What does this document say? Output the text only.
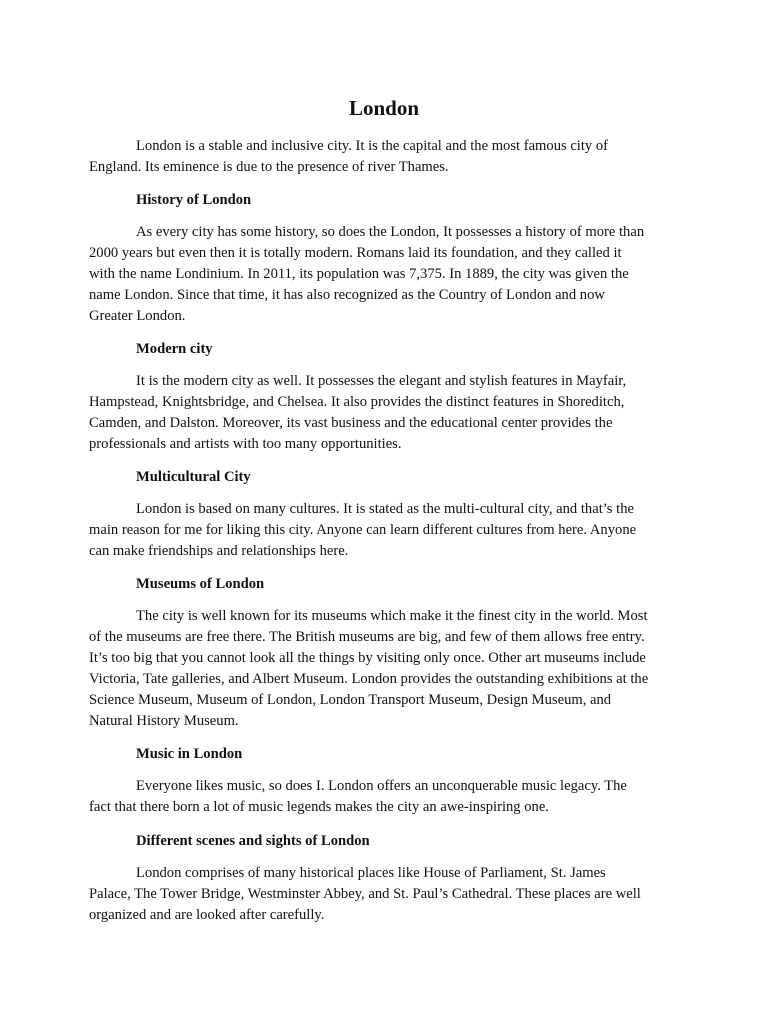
London

London is a stable and inclusive city. It is the capital and the most famous city of England. Its eminence is due to the presence of river Thames.

History of London

As every city has some history, so does the London, It possesses a history of more than 2000 years but even then it is totally modern. Romans laid its foundation, and they called it with the name Londinium. In 2011, its population was 7,375. In 1889, the city was given the name London. Since that time, it has also recognized as the Country of London and now Greater London.

Modern city

It is the modern city as well. It possesses the elegant and stylish features in Mayfair, Hampstead, Knightsbridge, and Chelsea. It also provides the distinct features in Shoreditch, Camden, and Dalston. Moreover, its vast business and the educational center provides the professionals and artists with too many opportunities.

Multicultural City

London is based on many cultures. It is stated as the multi-cultural city, and that’s the main reason for me for liking this city. Anyone can learn different cultures from here. Anyone can make friendships and relationships here.

Museums of London

The city is well known for its museums which make it the finest city in the world. Most of the museums are free there. The British museums are big, and few of them allows free entry. It’s too big that you cannot look all the things by visiting only once. Other art museums include Victoria, Tate galleries, and Albert Museum. London provides the outstanding exhibitions at the Science Museum, Museum of London, London Transport Museum, Design Museum, and Natural History Museum.

Music in London

Everyone likes music, so does I. London offers an unconquerable music legacy. The fact that there born a lot of music legends makes the city an awe-inspiring one.

Different scenes and sights of London

London comprises of many historical places like House of Parliament, St. James Palace, The Tower Bridge, Westminster Abbey, and St. Paul’s Cathedral. These places are well organized and are looked after carefully.
